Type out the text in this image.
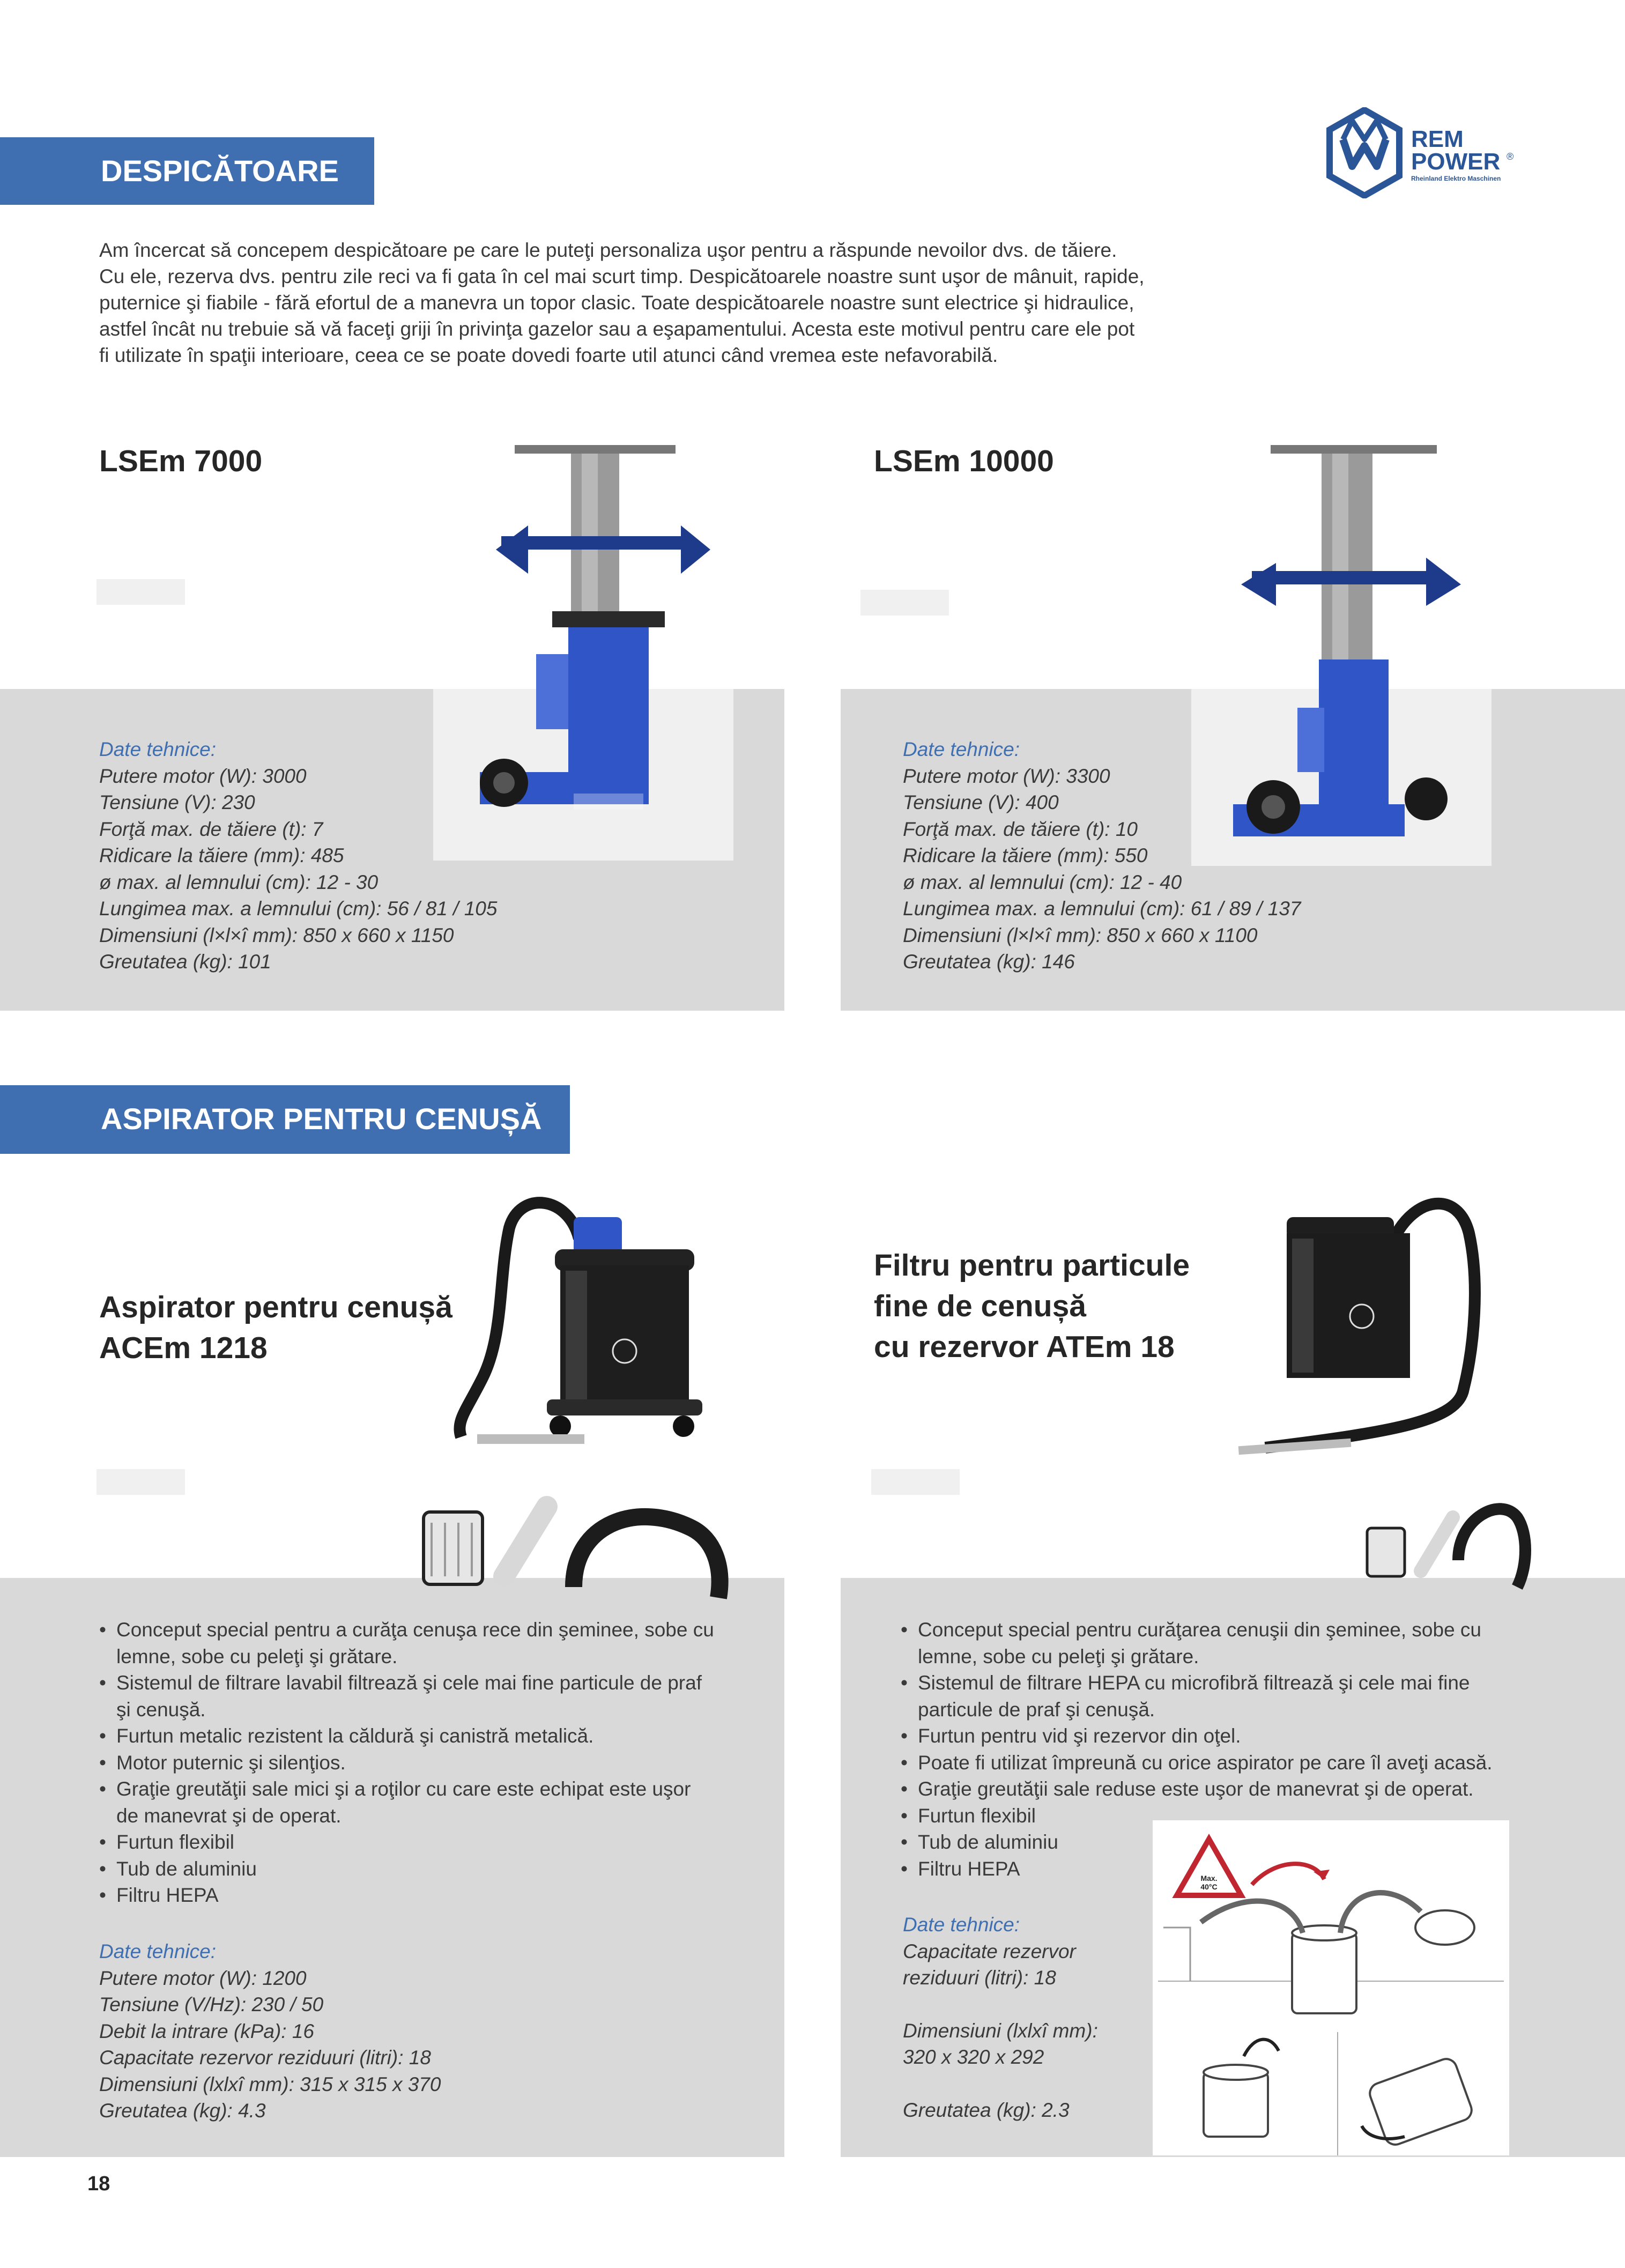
REM
POWER ®
Rheinland Elektro Maschinen
DESPICĂTOARE

Am încercat să concepem despicătoare pe care le puteţi personaliza uşor pentru a răspunde nevoilor dvs. de tăiere.

Cu ele, rezerva dvs. pentru zile reci va fi gata în cel mai scurt timp. Despicătoarele noastre sunt uşor de mânuit, rapide,

puternice şi fiabile - fără efortul de a manevra un topor clasic. Toate despicătoarele noastre sunt electrice şi hidraulice,

astfel încât nu trebuie să vă faceţi griji în privinţa gazelor sau a eşapamentului. Acesta este motivul pentru care ele pot

fi utilizate în spaţii interioare, ceea ce se poate dovedi foarte util atunci când vremea este nefavorabilă.

LSEm 7000
Date tehnice:
Putere motor (W): 3000
Tensiune (V): 230
Forţă max. de tăiere (t): 7
Ridicare la tăiere (mm): 485
ø max. al lemnului (cm): 12 - 30
Lungimea max. a lemnului (cm): 56 / 81 / 105
Dimensiuni (l×l×î mm): 850 x 660 x 1150
Greutatea (kg): 101
LSEm 10000
Date tehnice:
Putere motor (W): 3300
Tensiune (V): 400
Forţă max. de tăiere (t): 10
Ridicare la tăiere (mm): 550
ø max. al lemnului (cm): 12 - 40
Lungimea max. a lemnului (cm): 61 / 89 / 137
Dimensiuni (l×l×î mm): 850 x 660 x 1100
Greutatea (kg): 146
ASPIRATOR PENTRU CENUȘĂ
Aspirator pentru cenușă
ACEm 1218
• Conceput special pentru a curăţa cenuşa rece din şeminee, sobe cu
lemne, sobe cu peleţi şi grătare.
• Sistemul de filtrare lavabil filtrează şi cele mai fine particule de praf
şi cenuşă.
• Furtun metalic rezistent la căldură şi canistră metalică.
• Motor puternic şi silenţios.
• Graţie greutăţii sale mici şi a roţilor cu care este echipat este uşor
de manevrat şi de operat.
• Furtun flexibil
• Tub de aluminiu
• Filtru HEPA
Date tehnice:
Putere motor (W): 1200
Tensiune (V/Hz): 230 / 50
Debit la intrare (kPa): 16
Capacitate rezervor reziduuri (litri): 18
Dimensiuni (lxlxî mm): 315 x 315 x 370
Greutatea (kg): 4.3
Filtru pentru particule
fine de cenușă
cu rezervor ATEm 18
• Conceput special pentru curăţarea cenuşii din şeminee, sobe cu
lemne, sobe cu peleţi şi grătare.
• Sistemul de filtrare HEPA cu microfibră filtrează şi cele mai fine
particule de praf şi cenuşă.
• Furtun pentru vid şi rezervor din oţel.
• Poate fi utilizat împreună cu orice aspirator pe care îl aveţi acasă.
• Graţie greutăţii sale reduse este uşor de manevrat şi de operat.
• Furtun flexibil
• Tub de aluminiu
• Filtru HEPA
Date tehnice:
Capacitate rezervor
reziduuri (litri): 18
Dimensiuni (lxlxî mm):
320 x 320 x 292
Greutatea (kg): 2.3
Max. 40°C
18
